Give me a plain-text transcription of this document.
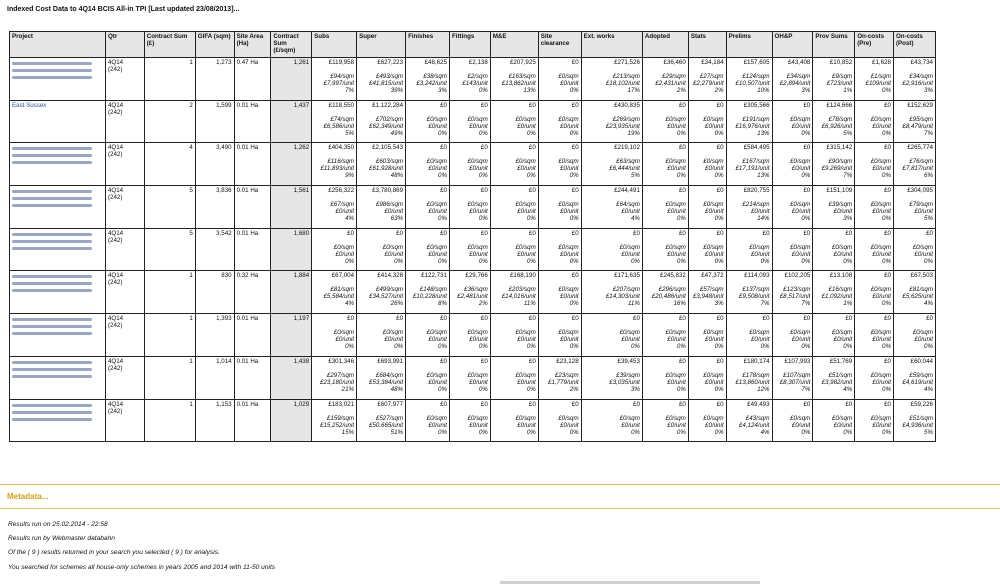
Indexed Cost Data to 4Q14 BCIS All-in TPI [Last updated 23/08/2013]...
Project	Qtr	Contract Sum (£)	GIFA (sqm)	Site Area (Ha)	Contract Sum (£/sqm)	Subs	Super	Finishes	Fittings	M&E	Site clearance	Ext. works	Adopted	Stats	Prelims	OH&P	Prov Sums	On-costs (Pre)	On-costs (Post)

	4Q14
(242)	1	1,273	0.47 Ha	1,261	£119,958
£94/sqm
£7,997/unit
7%	£627,223
£493/sqm
£41,815/unit
39%	£48,625
£38/sqm
£3,242/unit
3%	£2,138
£2/sqm
£143/unit
0%	£207,925
£163/sqm
£13,862/unit
13%	£0
£0/sqm
£0/unit
0%	£271,526
£213/sqm
£18,102/unit
17%	£36,460
£29/sqm
£2,431/unit
2%	£34,184
£27/sqm
£2,279/unit
2%	£157,605
£124/sqm
£10,507/unit
10%	£43,408
£34/sqm
£2,894/unit
3%	£10,852
£9/sqm
£723/unit
1%	£1,628
£1/sqm
£109/unit
0%	£43,734
£34/sqm
£2,916/unit
3%

East Sussex	4Q14
(242)	2	1,599	0.01 Ha	1,437	£118,550
£74/sqm
£6,586/unit
5%	£1,122,284
£702/sqm
£62,349/unit
49%	£0
£0/sqm
£0/unit
0%	£0
£0/sqm
£0/unit
0%	£0
£0/sqm
£0/unit
0%	£0
£0/sqm
£0/unit
0%	£430,835
£269/sqm
£23,935/unit
19%	£0
£0/sqm
£0/unit
0%	£0
£0/sqm
£0/unit
0%	£305,566
£191/sqm
£16,976/unit
13%	£0
£0/sqm
£0/unit
0%	£124,666
£78/sqm
£6,926/unit
5%	£0
£0/sqm
£0/unit
0%	£152,629
£95/sqm
£8,479/unit
7%

	4Q14
(242)	4	3,490	0.01 Ha	1,262	£404,350
£116/sqm
£11,893/unit
9%	£2,105,543
£603/sqm
£61,928/unit
48%	£0
£0/sqm
£0/unit
0%	£0
£0/sqm
£0/unit
0%	£0
£0/sqm
£0/unit
0%	£0
£0/sqm
£0/unit
0%	£219,102
£63/sqm
£6,444/unit
5%	£0
£0/sqm
£0/unit
0%	£0
£0/sqm
£0/unit
0%	£584,495
£167/sqm
£17,191/unit
13%	£0
£0/sqm
£0/unit
0%	£315,142
£90/sqm
£9,269/unit
7%	£0
£0/sqm
£0/unit
0%	£265,774
£76/sqm
£7,817/unit
6%

	4Q14
(242)	5	3,836	0.01 Ha	1,561	£256,322
£67/sqm
£0/unit
4%	£3,780,869
£986/sqm
£0/unit
63%	£0
£0/sqm
£0/unit
0%	£0
£0/sqm
£0/unit
0%	£0
£0/sqm
£0/unit
0%	£0
£0/sqm
£0/unit
0%	£244,491
£64/sqm
£0/unit
4%	£0
£0/sqm
£0/unit
0%	£0
£0/sqm
£0/unit
0%	£820,755
£214/sqm
£0/unit
14%	£0
£0/sqm
£0/unit
0%	£151,109
£39/sqm
£0/unit
3%	£0
£0/sqm
£0/unit
0%	£304,095
£79/sqm
£0/unit
5%

	4Q14
(242)	5	3,542	0.01 Ha	1,680	£0
£0/sqm
£0/unit
0%	£0
£0/sqm
£0/unit
0%	£0
£0/sqm
£0/unit
0%	£0
£0/sqm
£0/unit
0%	£0
£0/sqm
£0/unit
0%	£0
£0/sqm
£0/unit
0%	£0
£0/sqm
£0/unit
0%	£0
£0/sqm
£0/unit
0%	£0
£0/sqm
£0/unit
0%	£0
£0/sqm
£0/unit
0%	£0
£0/sqm
£0/unit
0%	£0
£0/sqm
£0/unit
0%	£0
£0/sqm
£0/unit
0%	£0
£0/sqm
£0/unit
0%

	4Q14
(242)	1	830	0.32 Ha	1,884	£67,004
£81/sqm
£5,584/unit
4%	£414,328
£499/sqm
£34,527/unit
26%	£122,731
£148/sqm
£10,228/unit
8%	£29,766
£36/sqm
£2,481/unit
2%	£168,190
£203/sqm
£14,016/unit
11%	£0
£0/sqm
£0/unit
0%	£171,635
£207/sqm
£14,303/unit
11%	£245,832
£296/sqm
£20,486/unit
16%	£47,372
£57/sqm
£3,948/unit
3%	£114,093
£137/sqm
£9,508/unit
7%	£102,205
£123/sqm
£8,517/unit
7%	£13,108
£16/sqm
£1,092/unit
1%	£0
£0/sqm
£0/unit
0%	£67,503
£81/sqm
£5,625/unit
4%

	4Q14
(242)	1	1,393	0.01 Ha	1,197	£0
£0/sqm
£0/unit
0%	£0
£0/sqm
£0/unit
0%	£0
£0/sqm
£0/unit
0%	£0
£0/sqm
£0/unit
0%	£0
£0/sqm
£0/unit
0%	£0
£0/sqm
£0/unit
0%	£0
£0/sqm
£0/unit
0%	£0
£0/sqm
£0/unit
0%	£0
£0/sqm
£0/unit
0%	£0
£0/sqm
£0/unit
0%	£0
£0/sqm
£0/unit
0%	£0
£0/sqm
£0/unit
0%	£0
£0/sqm
£0/unit
0%	£0
£0/sqm
£0/unit
0%

	4Q14
(242)	1	1,014	0.01 Ha	1,438	£301,346
£297/sqm
£23,180/unit
21%	£693,991
£684/sqm
£53,384/unit
48%	£0
£0/sqm
£0/unit
0%	£0
£0/sqm
£0/unit
0%	£0
£0/sqm
£0/unit
0%	£23,128
£23/sqm
£1,779/unit
2%	£39,453
£39/sqm
£3,035/unit
3%	£0
£0/sqm
£0/unit
0%	£0
£0/sqm
£0/unit
0%	£180,174
£178/sqm
£13,860/unit
12%	£107,993
£107/sqm
£8,307/unit
7%	£51,769
£51/sqm
£3,982/unit
4%	£0
£0/sqm
£0/unit
0%	£60,044
£59/sqm
£4,619/unit
4%

	4Q14
(242)	1	1,153	0.01 Ha	1,029	£183,021
£159/sqm
£15,252/unit
15%	£607,977
£527/sqm
£50,665/unit
51%	£0
£0/sqm
£0/unit
0%	£0
£0/sqm
£0/unit
0%	£0
£0/sqm
£0/unit
0%	£0
£0/sqm
£0/unit
0%	£0
£0/sqm
£0/unit
0%	£0
£0/sqm
£0/unit
0%	£0
£0/sqm
£0/unit
0%	£49,493
£43/sqm
£4,124/unit
4%	£0
£0/sqm
£0/unit
0%	£0
£0/sqm
£0/unit
0%	£0
£0/sqm
£0/unit
0%	£59,226
£51/sqm
£4,936/unit
5%
Metadata...
Results run on 25.02.2014 - 22:58
Results run by Webmaster databahn
Of the ( 9 ) results returned in your search you selected ( 9 ) for analysis.
You searched for schemes all house-only schemes in years 2005 and 2014 with 11-50 units
